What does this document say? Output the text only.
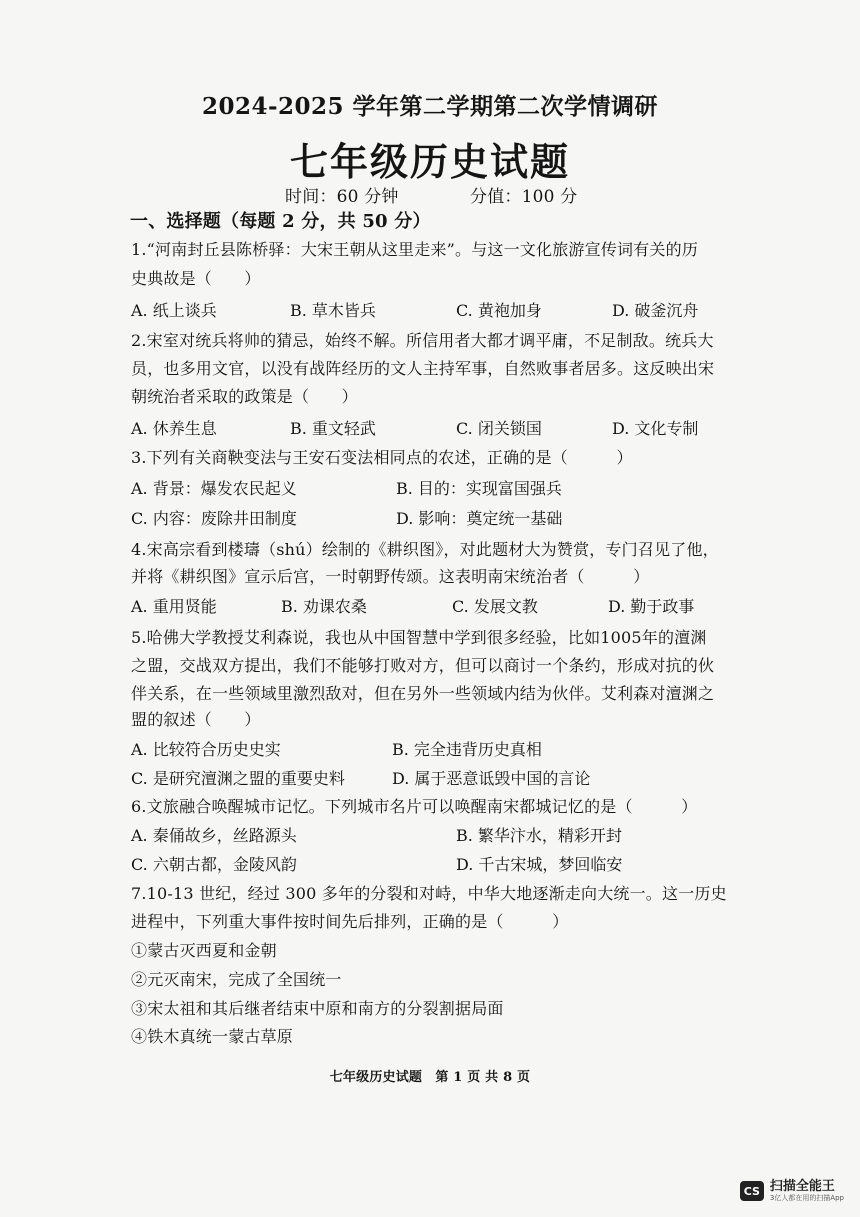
2024-2025 学年第二学期第二次学情调研
七年级历史试题
时间：60 分钟	分值：100 分
一、选择题（每题 2 分，共 50 分）
1.“河南封丘县陈桥驿：大宋王朝从这里走来”。与这一文化旅游宣传词有关的历
史典故是（　　）
A. 纸上谈兵	B. 草木皆兵	C. 黄袍加身	D. 破釜沉舟
2.宋室对统兵将帅的猜忌，始终不解。所信用者大都才调平庸，不足制敌。统兵大
员，也多用文官，以没有战阵经历的文人主持军事，自然败事者居多。这反映出宋
朝统治者采取的政策是（　　）
A. 休养生息	B. 重文轻武	C. 闭关锁国	D. 文化专制
3.下列有关商鞅变法与王安石变法相同点的农述，正确的是（　　　）
A. 背景：爆发农民起义	B. 目的：实现富国强兵
C. 内容：废除井田制度	D. 影响：奠定统一基础
4.宋高宗看到楼璹（shú）绘制的《耕织图》，对此题材大为赞赏，专门召见了他，
并将《耕织图》宣示后宫，一时朝野传颂。这表明南宋统治者（　　　）
A. 重用贤能	B. 劝课农桑	C. 发展文教	D. 勤于政事
5.哈佛大学教授艾利森说，我也从中国智慧中学到很多经验，比如1005年的澶渊
之盟，交战双方提出，我们不能够打败对方，但可以商讨一个条约，形成对抗的伙
伴关系，在一些领域里激烈敌对，但在另外一些领域内结为伙伴。艾利森对澶渊之
盟的叙述（　　）
A. 比较符合历史史实	B. 完全违背历史真相
C. 是研究澶渊之盟的重要史料	D. 属于恶意诋毁中国的言论
6.文旅融合唤醒城市记忆。下列城市名片可以唤醒南宋都城记忆的是（　　　）
A. 秦俑故乡，丝路源头	B. 繁华汴水，精彩开封
C. 六朝古都，金陵风韵	D. 千古宋城，梦回临安
7.10-13 世纪，经过 300 多年的分裂和对峙，中华大地逐渐走向大统一。这一历史
进程中，下列重大事件按时间先后排列，正确的是（　　　）
①蒙古灭西夏和金朝
②元灭南宋，完成了全国统一
③宋太祖和其后继者结束中原和南方的分裂割据局面
④铁木真统一蒙古草原
七年级历史试题　第 1 页 共 8 页
CS 扫描全能王
3亿人都在用的扫描App
